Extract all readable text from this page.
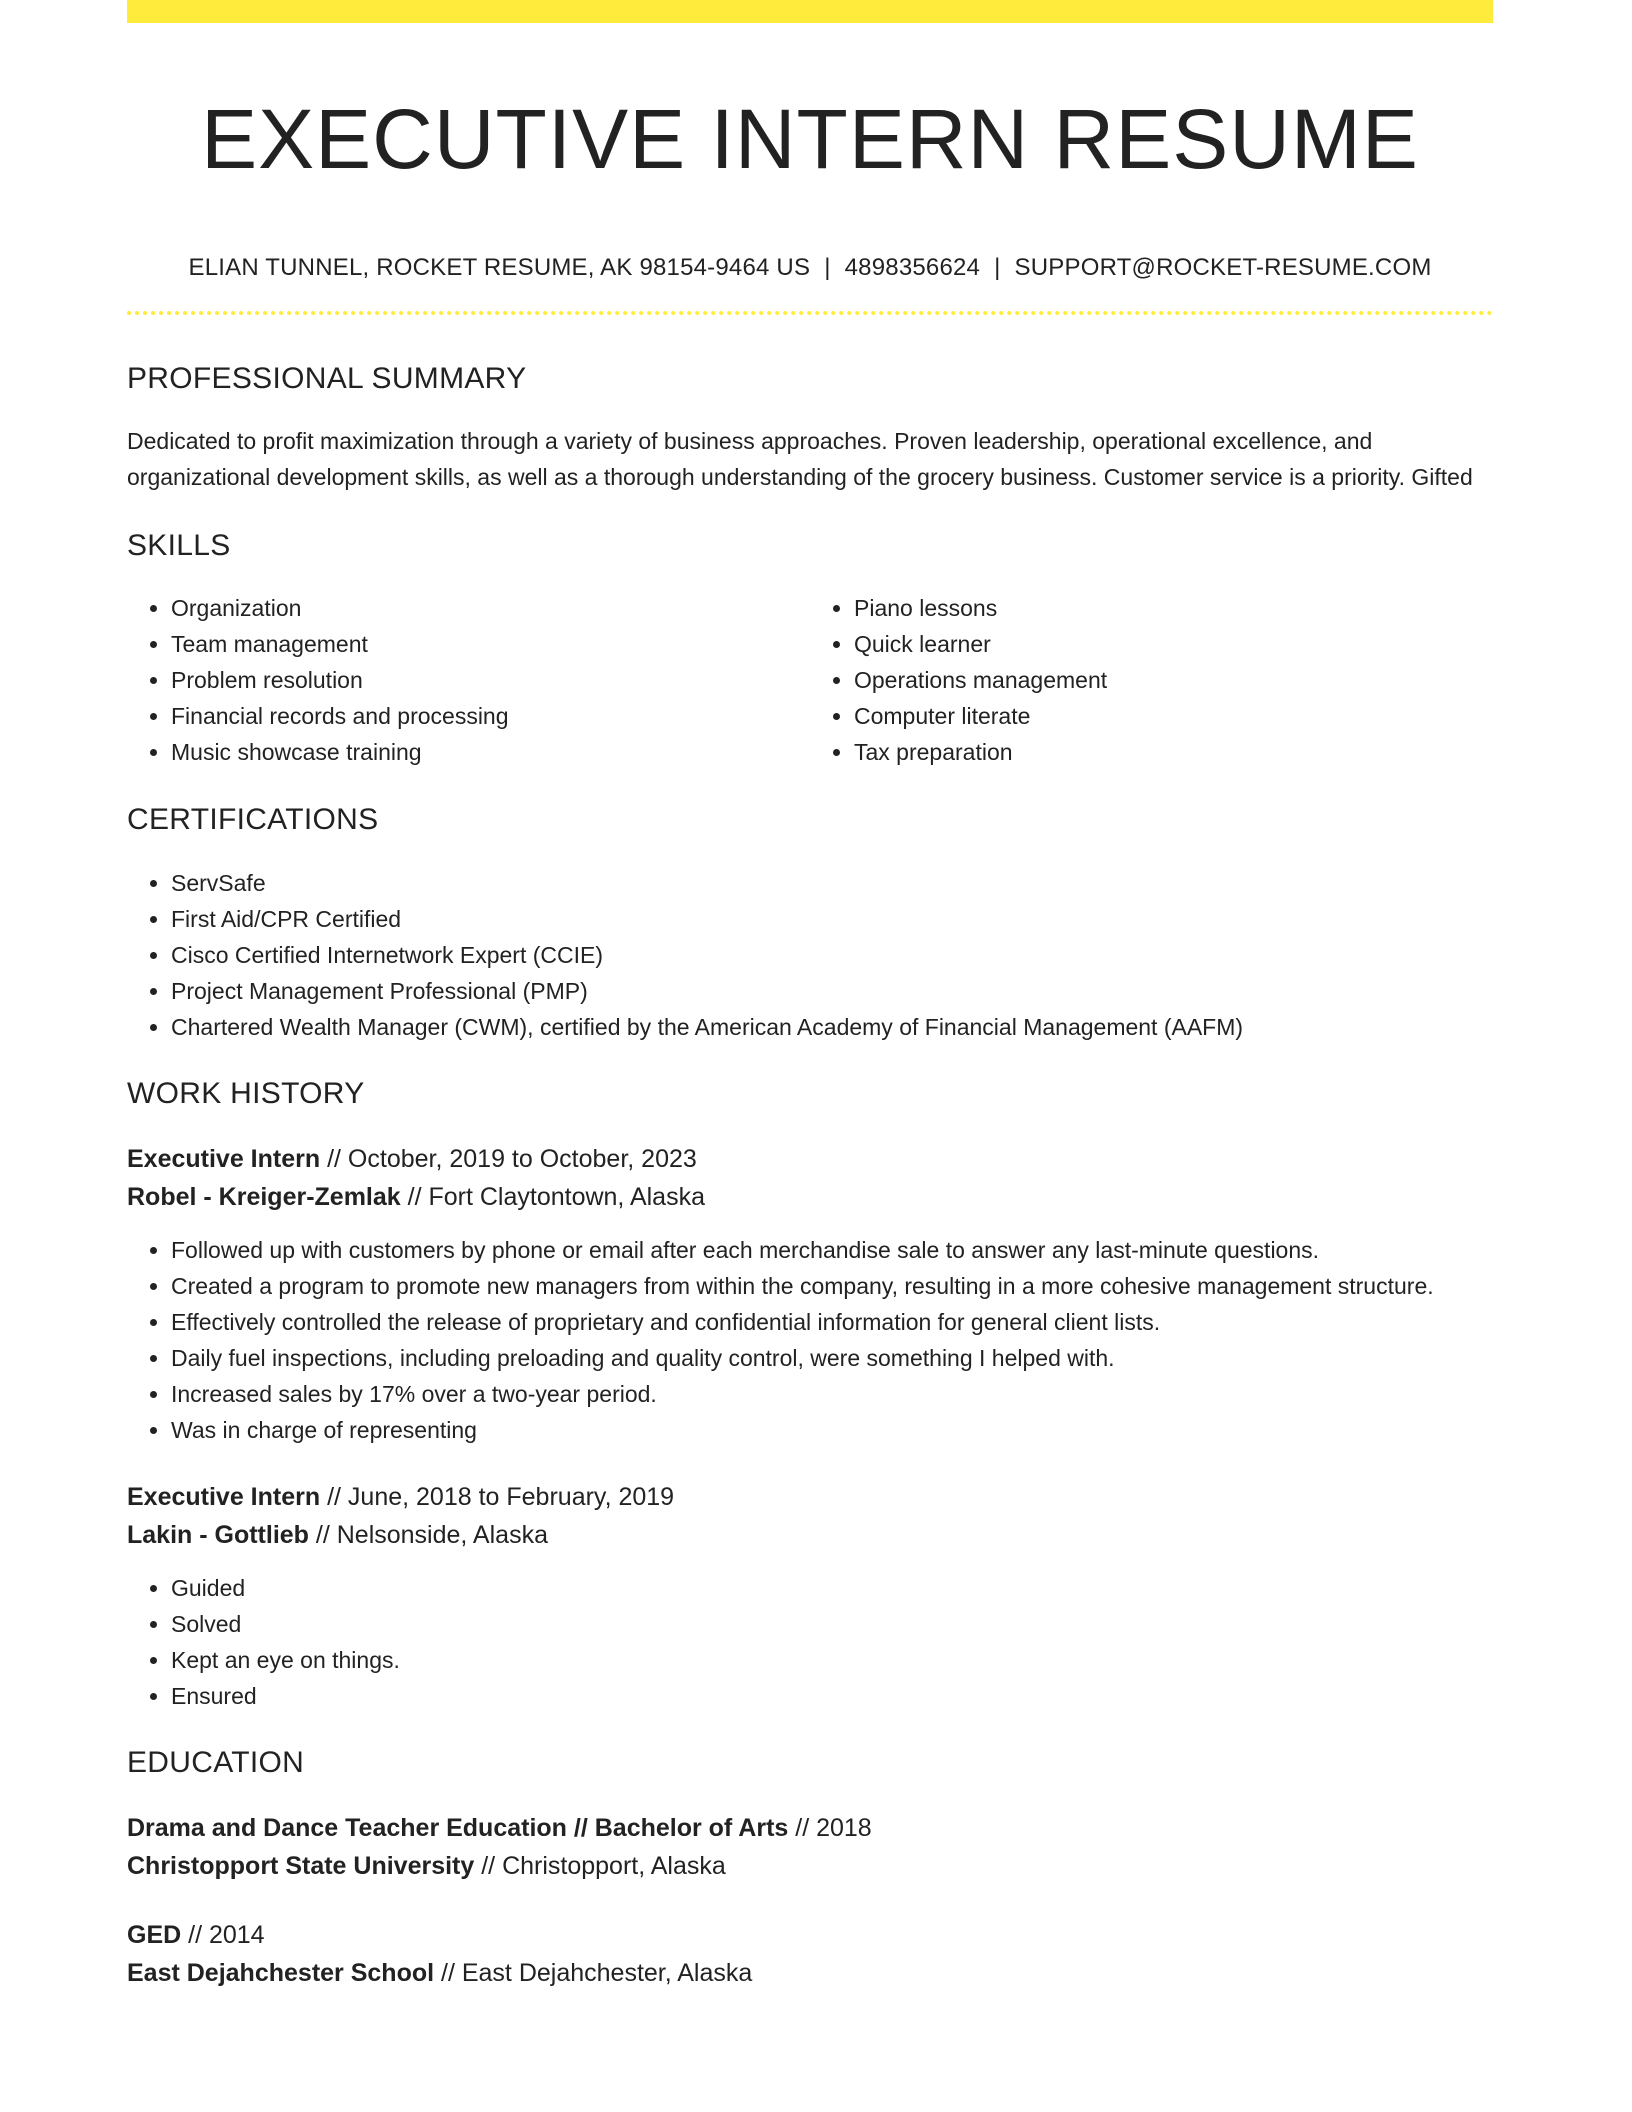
EXECUTIVE INTERN RESUME
ELIAN TUNNEL, ROCKET RESUME, AK 98154-9464 US | 4898356624 | SUPPORT@ROCKET-RESUME.COM
PROFESSIONAL SUMMARY

Dedicated to profit maximization through a variety of business approaches. Proven leadership, operational excellence, and organizational development skills, as well as a thorough understanding of the grocery business. Customer service is a priority. Gifted

SKILLS
• Organization
• Team management
• Problem resolution
• Financial records and processing
• Music showcase training
• Piano lessons
• Quick learner
• Operations management
• Computer literate
• Tax preparation
CERTIFICATIONS
• ServSafe
• First Aid/CPR Certified
• Cisco Certified Internetwork Expert (CCIE)
• Project Management Professional (PMP)
• Chartered Wealth Manager (CWM), certified by the American Academy of Financial Management (AAFM)
WORK HISTORY
Executive Intern // October, 2019 to October, 2023
Robel - Kreiger-Zemlak // Fort Claytontown, Alaska
• Followed up with customers by phone or email after each merchandise sale to answer any last-minute questions.
• Created a program to promote new managers from within the company, resulting in a more cohesive management structure.
• Effectively controlled the release of proprietary and confidential information for general client lists.
• Daily fuel inspections, including preloading and quality control, were something I helped with.
• Increased sales by 17% over a two-year period.
• Was in charge of representing
Executive Intern // June, 2018 to February, 2019
Lakin - Gottlieb // Nelsonside, Alaska
• Guided
• Solved
• Kept an eye on things.
• Ensured
EDUCATION
Drama and Dance Teacher Education // Bachelor of Arts // 2018
Christopport State University // Christopport, Alaska
GED // 2014
East Dejahchester School // East Dejahchester, Alaska
